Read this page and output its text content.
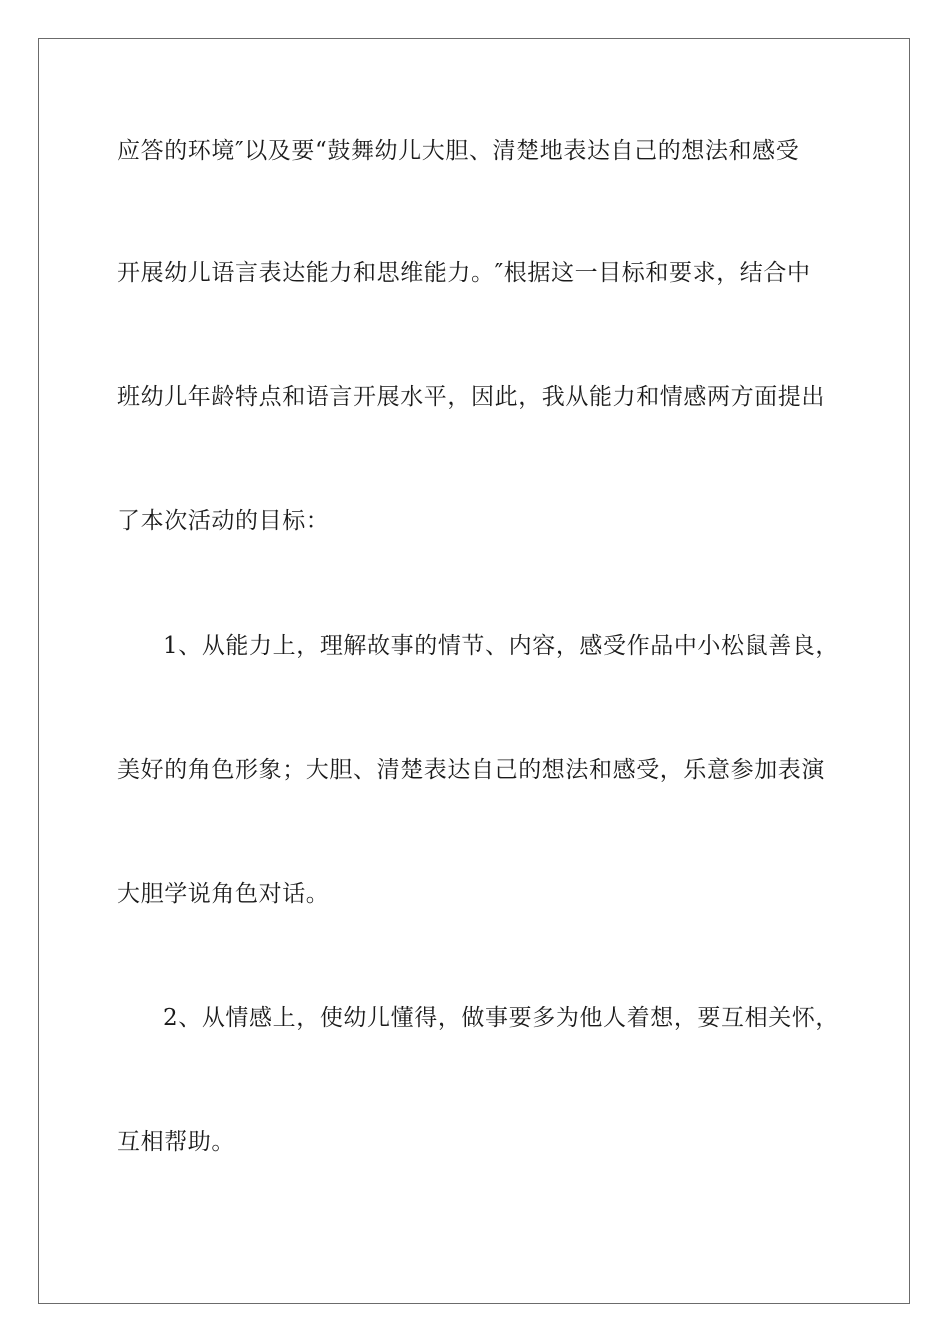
应答的环境″以及要“鼓舞幼儿大胆、清楚地表达自己的想法和感受
开展幼儿语言表达能力和思维能力。″根据这一目标和要求，结合中
班幼儿年龄特点和语言开展水平，因此，我从能力和情感两方面提出
了本次活动的目标：
1、从能力上，理解故事的情节、内容，感受作品中小松鼠善良，
美好的角色形象；大胆、清楚表达自己的想法和感受，乐意参加表演
大胆学说角色对话。
2、从情感上，使幼儿懂得，做事要多为他人着想，要互相关怀，
互相帮助。
